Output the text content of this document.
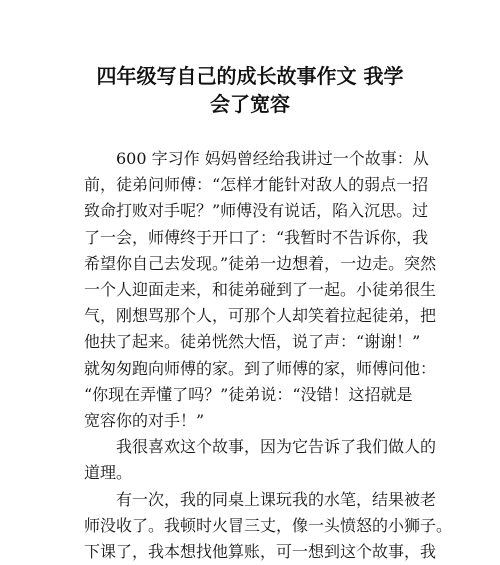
四年级写自己的成长故事作文 我学
会了宽容

600 字习作 妈妈曾经给我讲过一个故事：从
前，徒弟问师傅：“怎样才能针对敌人的弱点一招
致命打败对手呢？”师傅没有说话，陷入沉思。过
了一会，师傅终于开口了：“我暂时不告诉你，我
希望你自己去发现。”徒弟一边想着，一边走。突然
一个人迎面走来，和徒弟碰到了一起。小徒弟很生
气，刚想骂那个人，可那个人却笑着拉起徒弟，把
他扶了起来。徒弟恍然大悟，说了声：“谢谢！”
就匆匆跑向师傅的家。到了师傅的家，师傅问他：
“你现在弄懂了吗？”徒弟说：“没错！这招就是
宽容你的对手！”

我很喜欢这个故事，因为它告诉了我们做人的
道理。

有一次，我的同桌上课玩我的水笔，结果被老
师没收了。我顿时火冒三丈，像一头愤怒的小狮子。
下课了，我本想找他算账，可一想到这个故事，我
